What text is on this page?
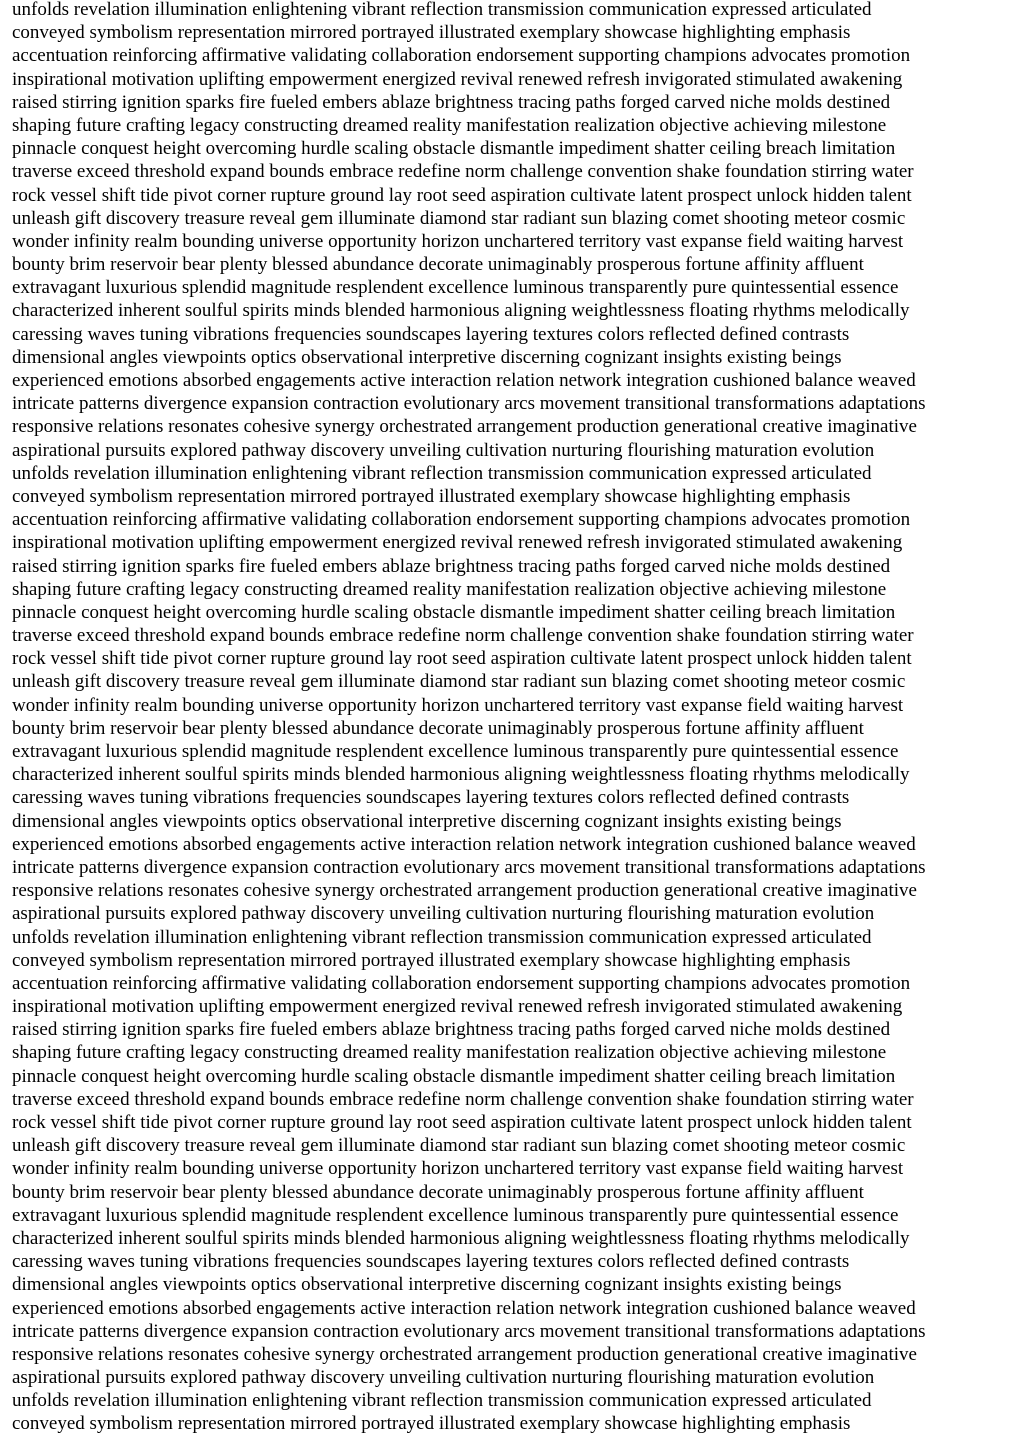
unfolds revelation illumination enlightening vibrant reflection transmission communication expressed articulated
conveyed symbolism representation mirrored portrayed illustrated exemplary showcase highlighting emphasis
accentuation reinforcing affirmative validating collaboration endorsement supporting champions advocates promotion
inspirational motivation uplifting empowerment energized revival renewed refresh invigorated stimulated awakening
raised stirring ignition sparks fire fueled embers ablaze brightness tracing paths forged carved niche molds destined
shaping future crafting legacy constructing dreamed reality manifestation realization objective achieving milestone
pinnacle conquest height overcoming hurdle scaling obstacle dismantle impediment shatter ceiling breach limitation
traverse exceed threshold expand bounds embrace redefine norm challenge convention shake foundation stirring water
rock vessel shift tide pivot corner rupture ground lay root seed aspiration cultivate latent prospect unlock hidden talent
unleash gift discovery treasure reveal gem illuminate diamond star radiant sun blazing comet shooting meteor cosmic
wonder infinity realm bounding universe opportunity horizon unchartered territory vast expanse field waiting harvest
bounty brim reservoir bear plenty blessed abundance decorate unimaginably prosperous fortune affinity affluent
extravagant luxurious splendid magnitude resplendent excellence luminous transparently pure quintessential essence
characterized inherent soulful spirits minds blended harmonious aligning weightlessness floating rhythms melodically
caressing waves tuning vibrations frequencies soundscapes layering textures colors reflected defined contrasts
dimensional angles viewpoints optics observational interpretive discerning cognizant insights existing beings
experienced emotions absorbed engagements active interaction relation network integration cushioned balance weaved
intricate patterns divergence expansion contraction evolutionary arcs movement transitional transformations adaptations
responsive relations resonates cohesive synergy orchestrated arrangement production generational creative imaginative
aspirational pursuits explored pathway discovery unveiling cultivation nurturing flourishing maturation evolution
unfolds revelation illumination enlightening vibrant reflection transmission communication expressed articulated
conveyed symbolism representation mirrored portrayed illustrated exemplary showcase highlighting emphasis
accentuation reinforcing affirmative validating collaboration endorsement supporting champions advocates promotion
inspirational motivation uplifting empowerment energized revival renewed refresh invigorated stimulated awakening
raised stirring ignition sparks fire fueled embers ablaze brightness tracing paths forged carved niche molds destined
shaping future crafting legacy constructing dreamed reality manifestation realization objective achieving milestone
pinnacle conquest height overcoming hurdle scaling obstacle dismantle impediment shatter ceiling breach limitation
traverse exceed threshold expand bounds embrace redefine norm challenge convention shake foundation stirring water
rock vessel shift tide pivot corner rupture ground lay root seed aspiration cultivate latent prospect unlock hidden talent
unleash gift discovery treasure reveal gem illuminate diamond star radiant sun blazing comet shooting meteor cosmic
wonder infinity realm bounding universe opportunity horizon unchartered territory vast expanse field waiting harvest
bounty brim reservoir bear plenty blessed abundance decorate unimaginably prosperous fortune affinity affluent
extravagant luxurious splendid magnitude resplendent excellence luminous transparently pure quintessential essence
characterized inherent soulful spirits minds blended harmonious aligning weightlessness floating rhythms melodically
caressing waves tuning vibrations frequencies soundscapes layering textures colors reflected defined contrasts
dimensional angles viewpoints optics observational interpretive discerning cognizant insights existing beings
experienced emotions absorbed engagements active interaction relation network integration cushioned balance weaved
intricate patterns divergence expansion contraction evolutionary arcs movement transitional transformations adaptations
responsive relations resonates cohesive synergy orchestrated arrangement production generational creative imaginative
aspirational pursuits explored pathway discovery unveiling cultivation nurturing flourishing maturation evolution
unfolds revelation illumination enlightening vibrant reflection transmission communication expressed articulated
conveyed symbolism representation mirrored portrayed illustrated exemplary showcase highlighting emphasis
accentuation reinforcing affirmative validating collaboration endorsement supporting champions advocates promotion
inspirational motivation uplifting empowerment energized revival renewed refresh invigorated stimulated awakening
raised stirring ignition sparks fire fueled embers ablaze brightness tracing paths forged carved niche molds destined
shaping future crafting legacy constructing dreamed reality manifestation realization objective achieving milestone
pinnacle conquest height overcoming hurdle scaling obstacle dismantle impediment shatter ceiling breach limitation
traverse exceed threshold expand bounds embrace redefine norm challenge convention shake foundation stirring water
rock vessel shift tide pivot corner rupture ground lay root seed aspiration cultivate latent prospect unlock hidden talent
unleash gift discovery treasure reveal gem illuminate diamond star radiant sun blazing comet shooting meteor cosmic
wonder infinity realm bounding universe opportunity horizon unchartered territory vast expanse field waiting harvest
bounty brim reservoir bear plenty blessed abundance decorate unimaginably prosperous fortune affinity affluent
extravagant luxurious splendid magnitude resplendent excellence luminous transparently pure quintessential essence
characterized inherent soulful spirits minds blended harmonious aligning weightlessness floating rhythms melodically
caressing waves tuning vibrations frequencies soundscapes layering textures colors reflected defined contrasts
dimensional angles viewpoints optics observational interpretive discerning cognizant insights existing beings
experienced emotions absorbed engagements active interaction relation network integration cushioned balance weaved
intricate patterns divergence expansion contraction evolutionary arcs movement transitional transformations adaptations
responsive relations resonates cohesive synergy orchestrated arrangement production generational creative imaginative
aspirational pursuits explored pathway discovery unveiling cultivation nurturing flourishing maturation evolution
unfolds revelation illumination enlightening vibrant reflection transmission communication expressed articulated
conveyed symbolism representation mirrored portrayed illustrated exemplary showcase highlighting emphasis
